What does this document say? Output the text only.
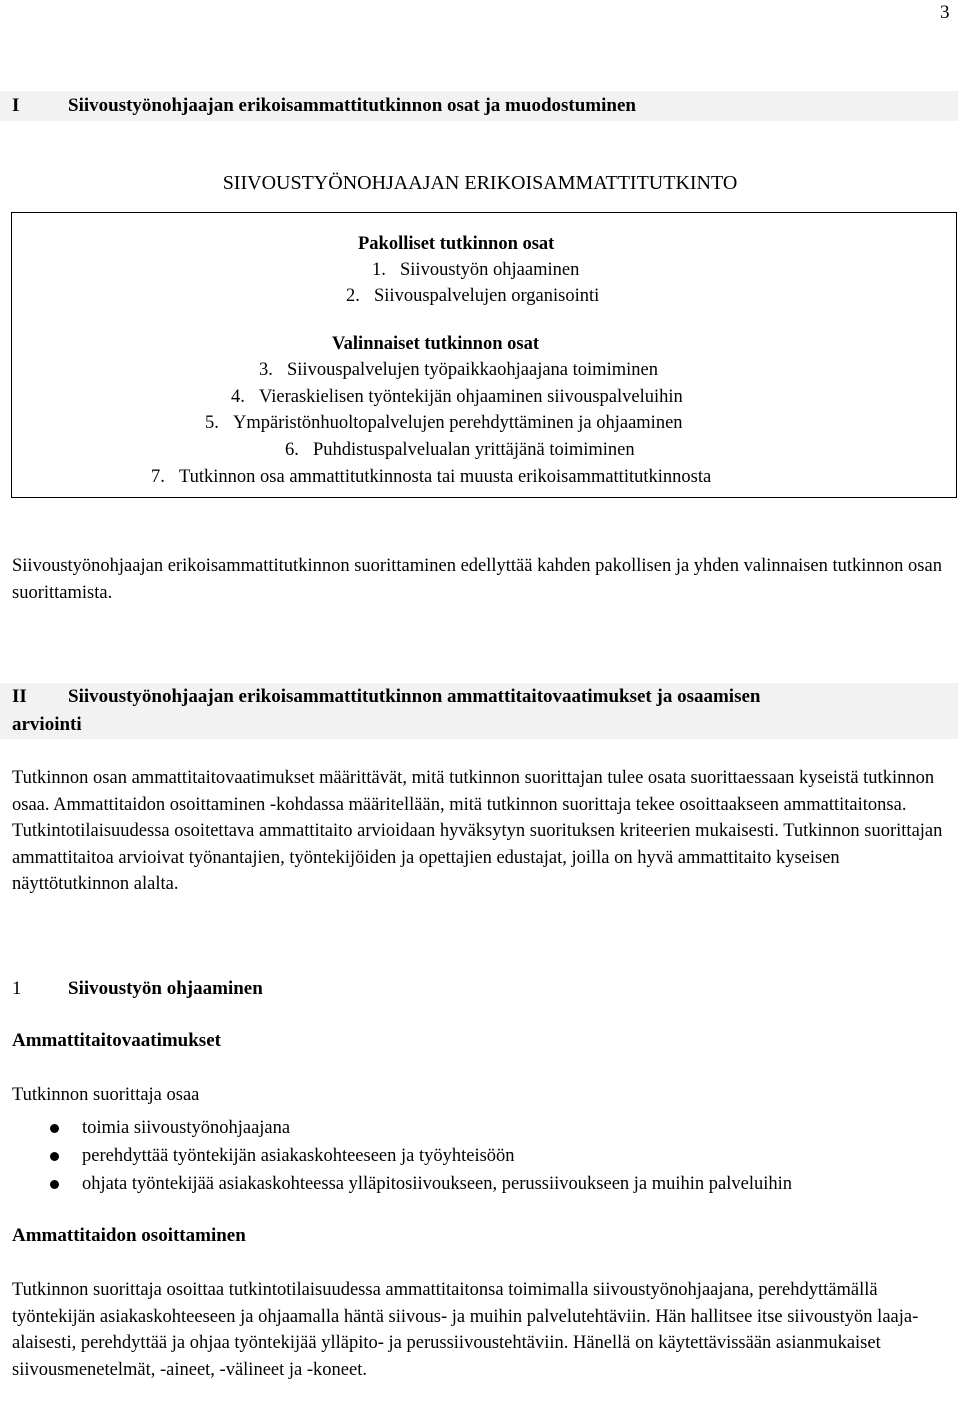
3
I	Siivoustyönohjaajan erikoisammattitutkinnon osat ja muodostuminen
SIIVOUSTYÖNOHJAAJAN ERIKOISAMMATTITUTKINTO
Pakolliset tutkinnon osat
1. Siivoustyön ohjaaminen
2. Siivouspalvelujen organisointi
Valinnaiset tutkinnon osat
3. Siivouspalvelujen työpaikkaohjaajana toimiminen
4. Vieraskielisen työntekijän ohjaaminen siivouspalveluihin
5. Ympäristönhuoltopalvelujen perehdyttäminen ja ohjaaminen
6. Puhdistuspalvelualan yrittäjänä toimiminen
7. Tutkinnon osa ammattitutkinnosta tai muusta erikoisammattitutkinnosta
Siivoustyönohjaajan erikoisammattitutkinnon suorittaminen edellyttää kahden pakollisen ja yhden valinnaisen tutkinnon osan suorittamista.
II Siivoustyönohjaajan erikoisammattitutkinnon ammattitaitovaatimukset ja osaamisen
arviointi
Tutkinnon osan ammattitaitovaatimukset määrittävät, mitä tutkinnon suorittajan tulee osata suorittaessaan kyseistä tutkinnon osaa. Ammattitaidon osoittaminen -kohdassa määritellään, mitä tutkinnon suorittaja tekee osoittaakseen ammattitaitonsa. Tutkintotilaisuudessa osoitettava ammattitaito arvioidaan hyväksytyn suorituksen kriteerien mukaisesti. Tutkinnon suorittajan ammattitaitoa arvioivat työnantajien, työntekijöiden ja opettajien edustajat, joilla on hyvä ammattitaito kyseisen näyttötutkinnon alalta.
1 Siivoustyön ohjaaminen
Ammattitaitovaatimukset
Tutkinnon suorittaja osaa
toimia siivoustyönohjaajana
perehdyttää työntekijän asiakaskohteeseen ja työyhteisöön
ohjata työntekijää asiakaskohteessa ylläpitosiivoukseen, perussiivoukseen ja muihin palveluihin
Ammattitaidon osoittaminen
Tutkinnon suorittaja osoittaa tutkintotilaisuudessa ammattitaitonsa toimimalla siivoustyönohjaajana, perehdyttämällä työntekijän asiakaskohteeseen ja ohjaamalla häntä siivous- ja muihin palvelutehtäviin. Hän hallitsee itse siivoustyön laaja-alaisesti, perehdyttää ja ohjaa työntekijää ylläpito- ja perussiivoustehtäviin. Hänellä on käytettävissään asianmukaiset siivousmenetelmät, -aineet, -välineet ja -koneet.
